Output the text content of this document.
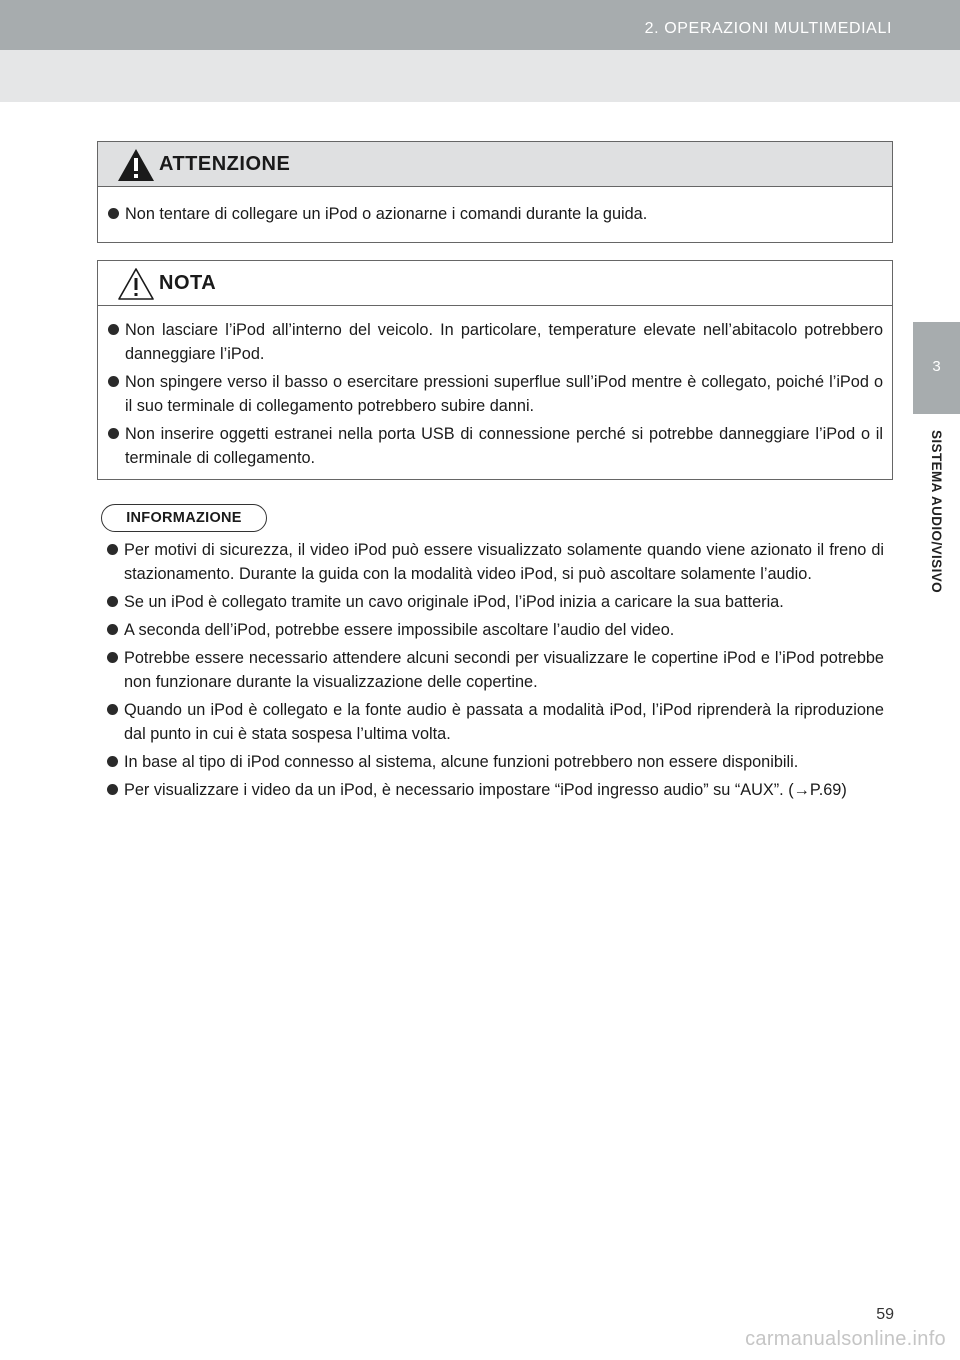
2. OPERAZIONI MULTIMEDIALI
3
SISTEMA AUDIO/VISIVO
ATTENZIONE
Non tentare di collegare un iPod o azionarne i comandi durante la guida.
NOTA
Non lasciare l’iPod all’interno del veicolo. In particolare, temperature elevate nell’abitacolo potrebbero danneggiare l’iPod.
Non spingere verso il basso o esercitare pressioni superflue sull’iPod mentre è collegato, poiché l’iPod o il suo terminale di collegamento potrebbero subire danni.
Non inserire oggetti estranei nella porta USB di connessione perché si potrebbe danneggiare l’iPod o il terminale di collegamento.
INFORMAZIONE
Per motivi di sicurezza, il video iPod può essere visualizzato solamente quando viene azionato il freno di stazionamento. Durante la guida con la modalità video iPod, si può ascoltare solamente l’audio.
Se un iPod è collegato tramite un cavo originale iPod, l’iPod inizia a caricare la sua batteria.
A seconda dell’iPod, potrebbe essere impossibile ascoltare l’audio del video.
Potrebbe essere necessario attendere alcuni secondi per visualizzare le copertine iPod e l’iPod potrebbe non funzionare durante la visualizzazione delle copertine.
Quando un iPod è collegato e la fonte audio è passata a modalità iPod, l’iPod riprenderà la riproduzione dal punto in cui è stata sospesa l’ultima volta.
In base al tipo di iPod connesso al sistema, alcune funzioni potrebbero non essere disponibili.
Per visualizzare i video da un iPod, è necessario impostare “iPod ingresso audio” su “AUX”. (→P.69)
59
carmanualsonline.info
